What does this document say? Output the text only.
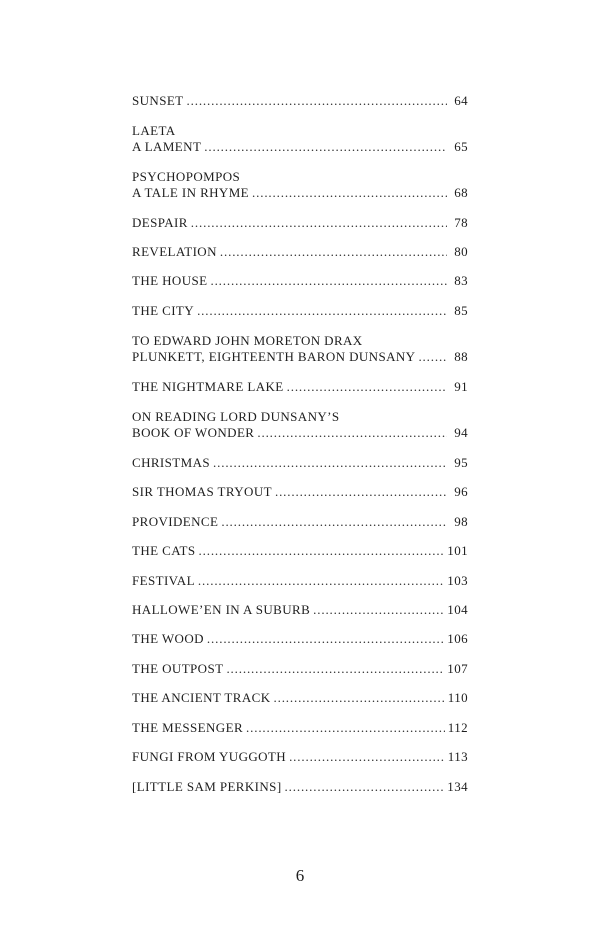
SUNSET . . .	64
LAETA
A LAMENT . . .	65
PSYCHOPOMPOS
A TALE IN RHYME . . .	68
DESPAIR . . .	78
REVELATION . . .	80
THE HOUSE . . .	83
THE CITY . . .	85
TO EDWARD JOHN MORETON DRAX
PLUNKETT, EIGHTEENTH BARON DUNSANY . . .	88
THE NIGHTMARE LAKE . . .	91
ON READING LORD DUNSANY’S
BOOK OF WONDER . . .	94
CHRISTMAS . . .	95
SIR THOMAS TRYOUT . . .	96
PROVIDENCE . . .	98
THE CATS . . .	101
FESTIVAL . . .	103
HALLOWE’EN IN A SUBURB . . .	104
THE WOOD . . .	106
THE OUTPOST . . .	107
THE ANCIENT TRACK . . .	110
THE MESSENGER . . .	112
FUNGI FROM YUGGOTH . . .	113
[LITTLE SAM PERKINS] . . .	134
6
